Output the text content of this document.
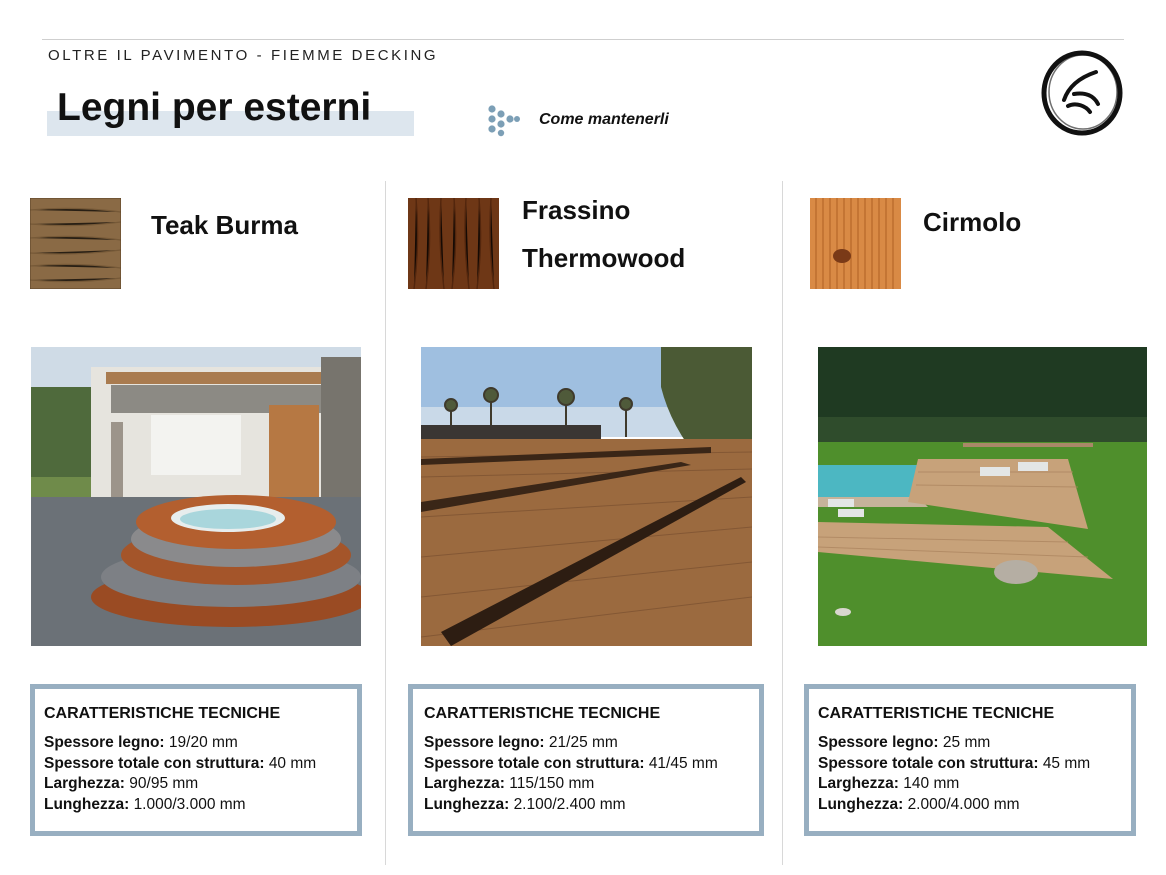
OLTRE IL PAVIMENTO - FIEMME DECKING
Legni per esterni	Come mantenerli
Teak Burma
CARATTERISTICHE TECNICHE
Spessore legno: 19/20 mm
Spessore totale con struttura: 40 mm
Larghezza: 90/95 mm
Lunghezza: 1.000/3.000 mm
Frassino
Thermowood
CARATTERISTICHE TECNICHE
Spessore legno: 21/25 mm
Spessore totale con struttura: 41/45 mm
Larghezza: 115/150 mm
Lunghezza: 2.100/2.400 mm
Cirmolo
CARATTERISTICHE TECNICHE
Spessore legno: 25 mm
Spessore totale con struttura: 45 mm
Larghezza: 140 mm
Lunghezza: 2.000/4.000 mm
